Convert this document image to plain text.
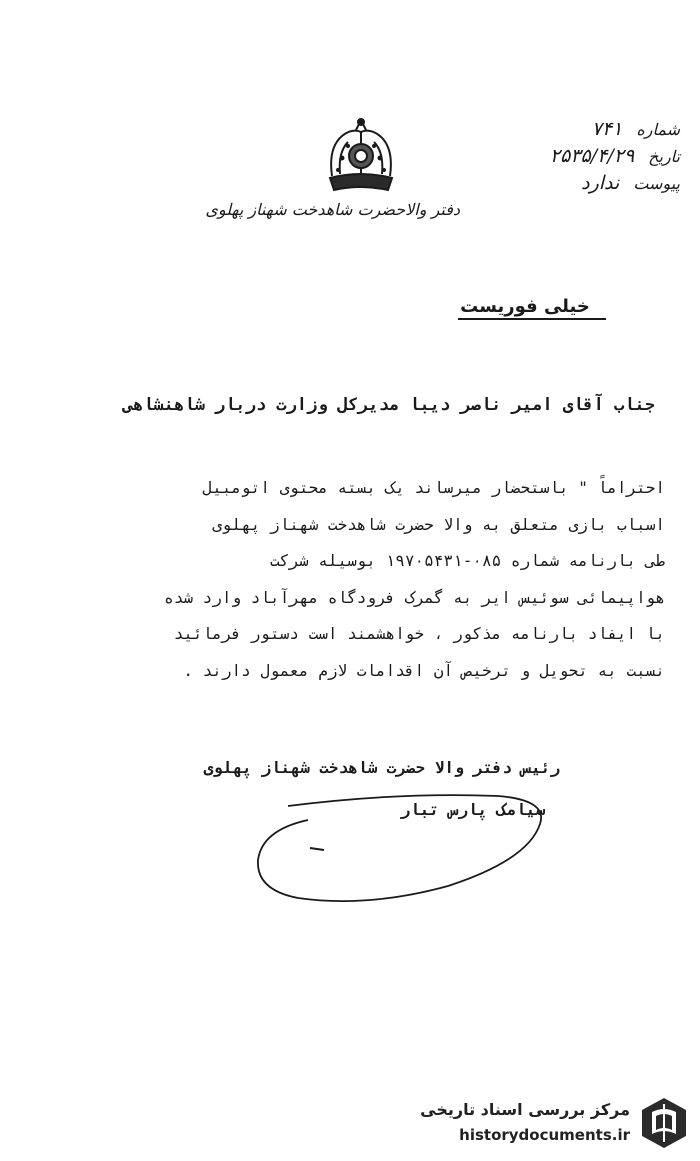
دفتر والاحضرت شاهدخت شهناز پهلوی
شماره
۷۴۱
تاریخ
۲۵۳۵/۴/۲۹
پیوست
ندارد
خیلی فوریست
جناب آقای امیر ناصر دیبا مدیرکل وزارت دربار شاهنشاهی
احتراماً " باستحضار میرساند یک بسته محتوی اتومبیل
اسباب بازی متعلق به والا حضرت شاهدخت شهناز پهلوی
طی بارنامه شماره ۰۸۵-۱۹۷۰۵۴۳۱ بوسیله شرکت
هواپیمائی سوئیس ایر به گمرک فرودگاه مهرآباد وارد شده
با ایفاد بارنامه مذکور ، خواهشمند است دستور فرمائید
نسبت به تحویل و ترخیص آن اقدامات لازم معمول دارند .
رئیس دفتر والا حضرت شاهدخت شهناز پهلوی
سیامک پارس تبار
مرکز بررسی اسناد تاریخی
historydocuments.ir
